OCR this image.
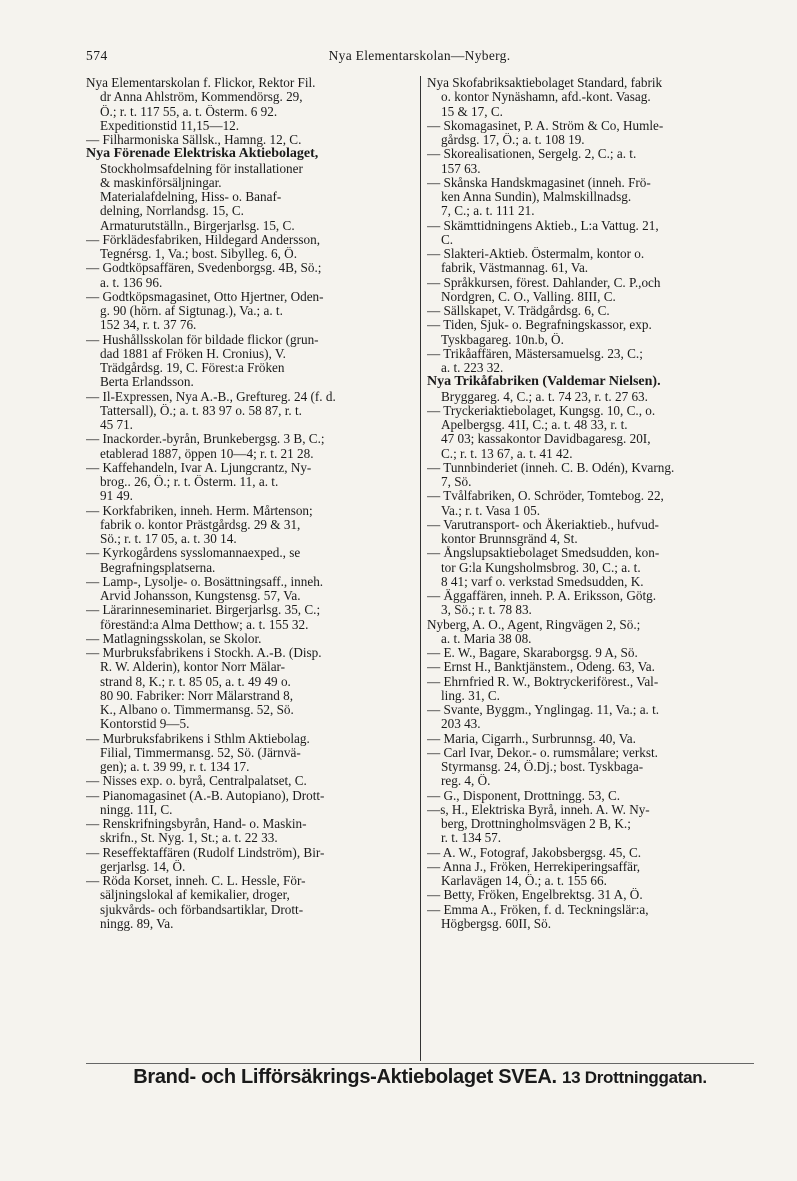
574	Nya Elementarskolan—Nyberg.
Nya Elementarskolan f. Flickor, Rektor Fil.
dr Anna Ahlström, Kommendörsg. 29,
Ö.; r. t. 117 55, a. t. Österm. 6 92.
Expeditionstid 11,15—12.
— Filharmoniska Sällsk., Hamng. 12, C.
Nya Förenade Elektriska Aktiebolaget,
Stockholmsafdelning för installationer
& maskinförsäljningar.
Materialafdelning, Hiss- o. Banaf-
delning, Norrlandsg. 15, C.
Armaturutställn., Birgerjarlsg. 15, C.
— Förklädesfabriken, Hildegard Andersson,
Tegnérsg. 1, Va.; bost. Sibylleg. 6, Ö.
— Godtköpsaffären, Svedenborgsg. 4B, Sö.;
a. t. 136 96.
— Godtköpsmagasinet, Otto Hjertner, Oden-
g. 90 (hörn. af Sigtunag.), Va.; a. t.
152 34, r. t. 37 76.
— Hushållsskolan för bildade flickor (grun-
dad 1881 af Fröken H. Cronius), V.
Trädgårdsg. 19, C. Förest:a Fröken
Berta Erlandsson.
— Il-Expressen, Nya A.-B., Greftureg. 24 (f. d.
Tattersall), Ö.; a. t. 83 97 o. 58 87, r. t.
45 71.
— Inackorder.-byrån, Brunkebergsg. 3 B, C.;
etablerad 1887, öppen 10—4; r. t. 21 28.
— Kaffehandeln, Ivar A. Ljungcrantz, Ny-
brog.. 26, Ö.; r. t. Österm. 11, a. t.
91 49.
— Korkfabriken, inneh. Herm. Mårtenson;
fabrik o. kontor Prästgårdsg. 29 & 31,
Sö.; r. t. 17 05, a. t. 30 14.
— Kyrkogårdens sysslomannaexped., se
Begrafningsplatserna.
— Lamp-, Lysolje- o. Bosättningsaff., inneh.
Arvid Johansson, Kungstensg. 57, Va.
— Lärarinneseminariet. Birgerjarlsg. 35, C.;
föreständ:a Alma Detthow; a. t. 155 32.
— Matlagningsskolan, se Skolor.
— Murbruksfabrikens i Stockh. A.-B. (Disp.
R. W. Alderin), kontor Norr Mälar-
strand 8, K.; r. t. 85 05, a. t. 49 49 o.
80 90. Fabriker: Norr Mälarstrand 8,
K., Albano o. Timmermansg. 52, Sö.
Kontorstid 9—5.
— Murbruksfabrikens i Sthlm Aktiebolag.
Filial, Timmermansg. 52, Sö. (Järnvä-
gen); a. t. 39 99, r. t. 134 17.
— Nisses exp. o. byrå, Centralpalatset, C.
— Pianomagasinet (A.-B. Autopiano), Drott-
ningg. 11I, C.
— Renskrifningsbyrån, Hand- o. Maskin-
skrifn., St. Nyg. 1, St.; a. t. 22 33.
— Reseffektaffären (Rudolf Lindström), Bir-
gerjarlsg. 14, Ö.
— Röda Korset, inneh. C. L. Hessle, För-
säljningslokal af kemikalier, droger,
sjukvårds- och förbandsartiklar, Drott-
ningg. 89, Va.
Nya Skofabriksaktiebolaget Standard, fabrik
o. kontor Nynäshamn, afd.-kont. Vasag.
15 & 17, C.
— Skomagasinet, P. A. Ström & Co, Humle-
gårdsg. 17, Ö.; a. t. 108 19.
— Skorealisationen, Sergelg. 2, C.; a. t.
157 63.
— Skånska Handskmagasinet (inneh. Frö-
ken Anna Sundin), Malmskillnadsg.
7, C.; a. t. 111 21.
— Skämttidningens Aktieb., L:a Vattug. 21,
C.
— Slakteri-Aktieb. Östermalm, kontor o.
fabrik, Västmannag. 61, Va.
— Språkkursen, förest. Dahlander, C. P.,och
Nordgren, C. O., Valling. 8III, C.
— Sällskapet, V. Trädgårdsg. 6, C.
— Tiden, Sjuk- o. Begrafningskassor, exp.
Tyskbagareg. 10n.b, Ö.
— Trikåaffären, Mästersamuelsg. 23, C.;
a. t. 223 32.
Nya Trikåfabriken (Valdemar Nielsen).
Bryggareg. 4, C.; a. t. 74 23, r. t. 27 63.
— Tryckeriaktiebolaget, Kungsg. 10, C., o.
Apelbergsg. 41I, C.; a. t. 48 33, r. t.
47 03; kassakontor Davidbagaresg. 20I,
C.; r. t. 13 67, a. t. 41 42.
— Tunnbinderiet (inneh. C. B. Odén), Kvarng.
7, Sö.
— Tvålfabriken, O. Schröder, Tomtebog. 22,
Va.; r. t. Vasa 1 05.
— Varutransport- och Åkeriaktieb., hufvud-
kontor Brunnsgränd 4, St.
— Ångslupsaktiebolaget Smedsudden, kon-
tor G:la Kungsholmsbrog. 30, C.; a. t.
8 41; varf o. verkstad Smedsudden, K.
— Äggaffären, inneh. P. A. Eriksson, Götg.
3, Sö.; r. t. 78 83.
Nyberg, A. O., Agent, Ringvägen 2, Sö.;
a. t. Maria 38 08.
— E. W., Bagare, Skaraborgsg. 9 A, Sö.
— Ernst H., Banktjänstem., Odeng. 63, Va.
— Ehrnfried R. W., Boktryckeriförest., Val-
ling. 31, C.
— Svante, Byggm., Ynglingag. 11, Va.; a. t.
203 43.
— Maria, Cigarrh., Surbrunnsg. 40, Va.
— Carl Ivar, Dekor.- o. rumsmålare; verkst.
Styrmansg. 24, Ö.Dj.; bost. Tyskbaga-
reg. 4, Ö.
— G., Disponent, Drottningg. 53, C.
—s, H., Elektriska Byrå, inneh. A. W. Ny-
berg, Drottningholmsvägen 2 B, K.;
r. t. 134 57.
— A. W., Fotograf, Jakobsbergsg. 45, C.
— Anna J., Fröken, Herrekiperingsaffär,
Karlavägen 14, Ö.; a. t. 155 66.
— Betty, Fröken, Engelbrektsg. 31 A, Ö.
— Emma A., Fröken, f. d. Teckningslär:a,
Högbergsg. 60II, Sö.
Brand- och Lifförsäkrings-Aktiebolaget SVEA. 13 Drottninggatan.
